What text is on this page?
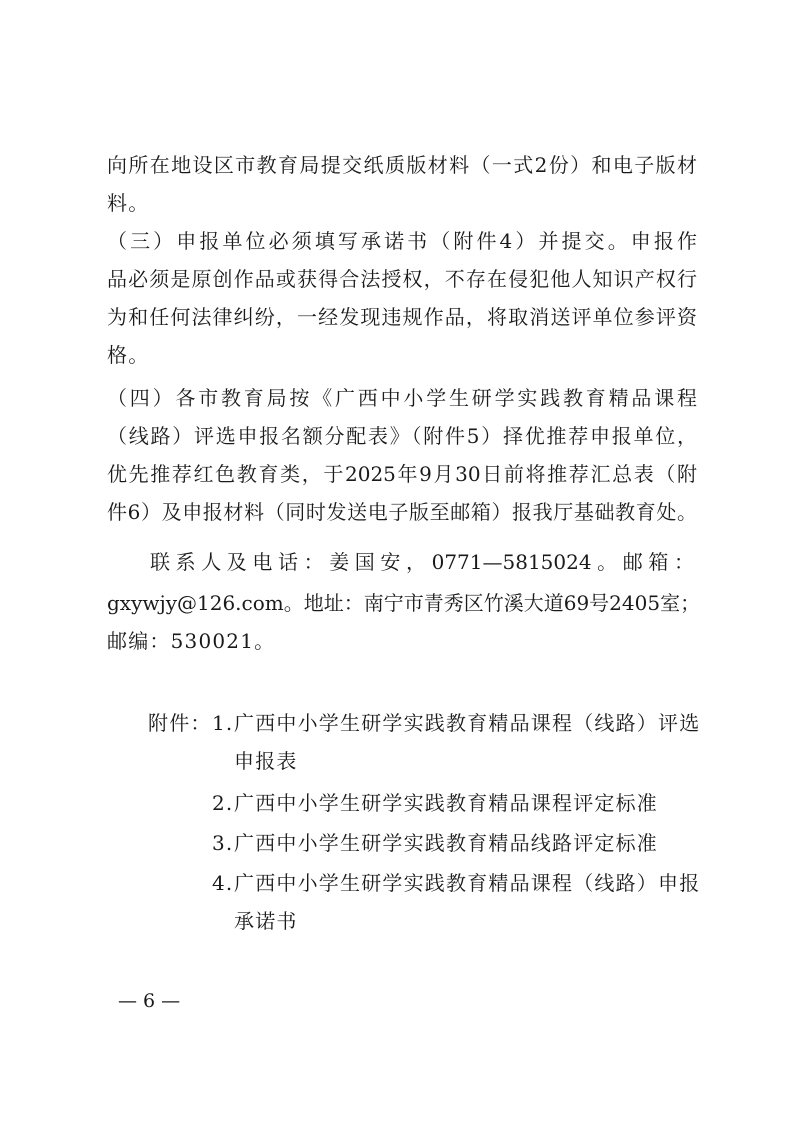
向所在地设区市教育局提交纸质版材料（一式2份）和电子版材
料。
（三）申报单位必须填写承诺书（附件4）并提交。申报作
品必须是原创作品或获得合法授权，不存在侵犯他人知识产权行
为和任何法律纠纷，一经发现违规作品，将取消送评单位参评资
格。
（四）各市教育局按《广西中小学生研学实践教育精品课程
（线路）评选申报名额分配表》（附件5）择优推荐申报单位，
优先推荐红色教育类，于2025年9月30日前将推荐汇总表（附
件6）及申报材料（同时发送电子版至邮箱）报我厅基础教育处。
联系人及电话：姜国安，0771—5815024。邮箱：
gxywjy@126.com。地址：南宁市青秀区竹溪大道69号2405室；
邮编：530021。
附件： 1. 广西中小学生研学实践教育精品课程（线路）评选
申报表
2. 广西中小学生研学实践教育精品课程评定标准
3. 广西中小学生研学实践教育精品线路评定标准
4. 广西中小学生研学实践教育精品课程（线路）申报
承诺书
— 6 —
